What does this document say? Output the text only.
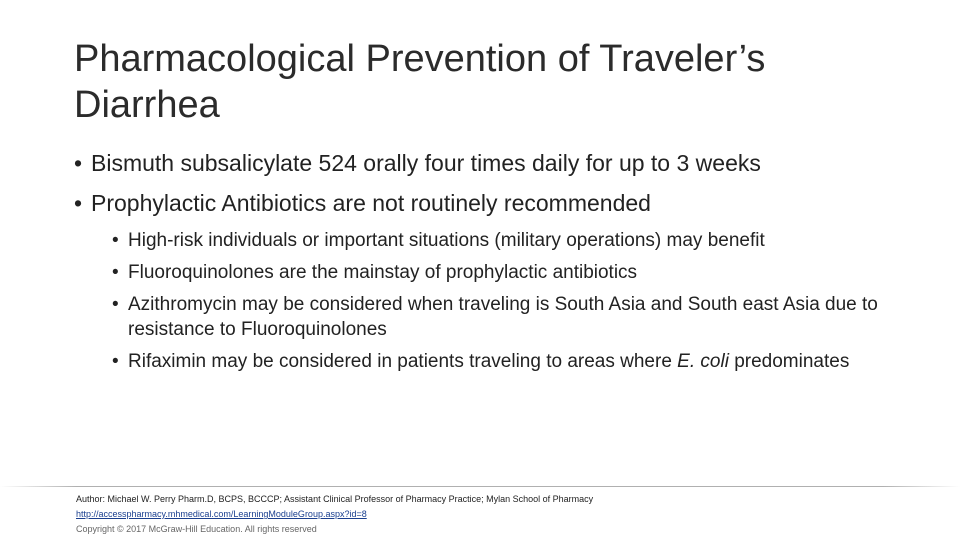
Pharmacological Prevention of Traveler’s Diarrhea
• Bismuth subsalicylate 524 orally four times daily for up to 3 weeks
• Prophylactic Antibiotics are not routinely recommended
• High-risk individuals or important situations (military operations) may benefit
• Fluoroquinolones are the mainstay of prophylactic antibiotics
• Azithromycin may be considered when traveling is South Asia and South east Asia due to resistance to Fluoroquinolones
• Rifaximin may be considered in patients traveling to areas where E. coli predominates
Author: Michael W. Perry Pharm.D, BCPS, BCCCP; Assistant Clinical Professor of Pharmacy Practice; Mylan School of Pharmacy
http://accesspharmacy.mhmedical.com/LearningModuleGroup.aspx?id=8
Copyright © 2017 McGraw-Hill Education. All rights reserved
